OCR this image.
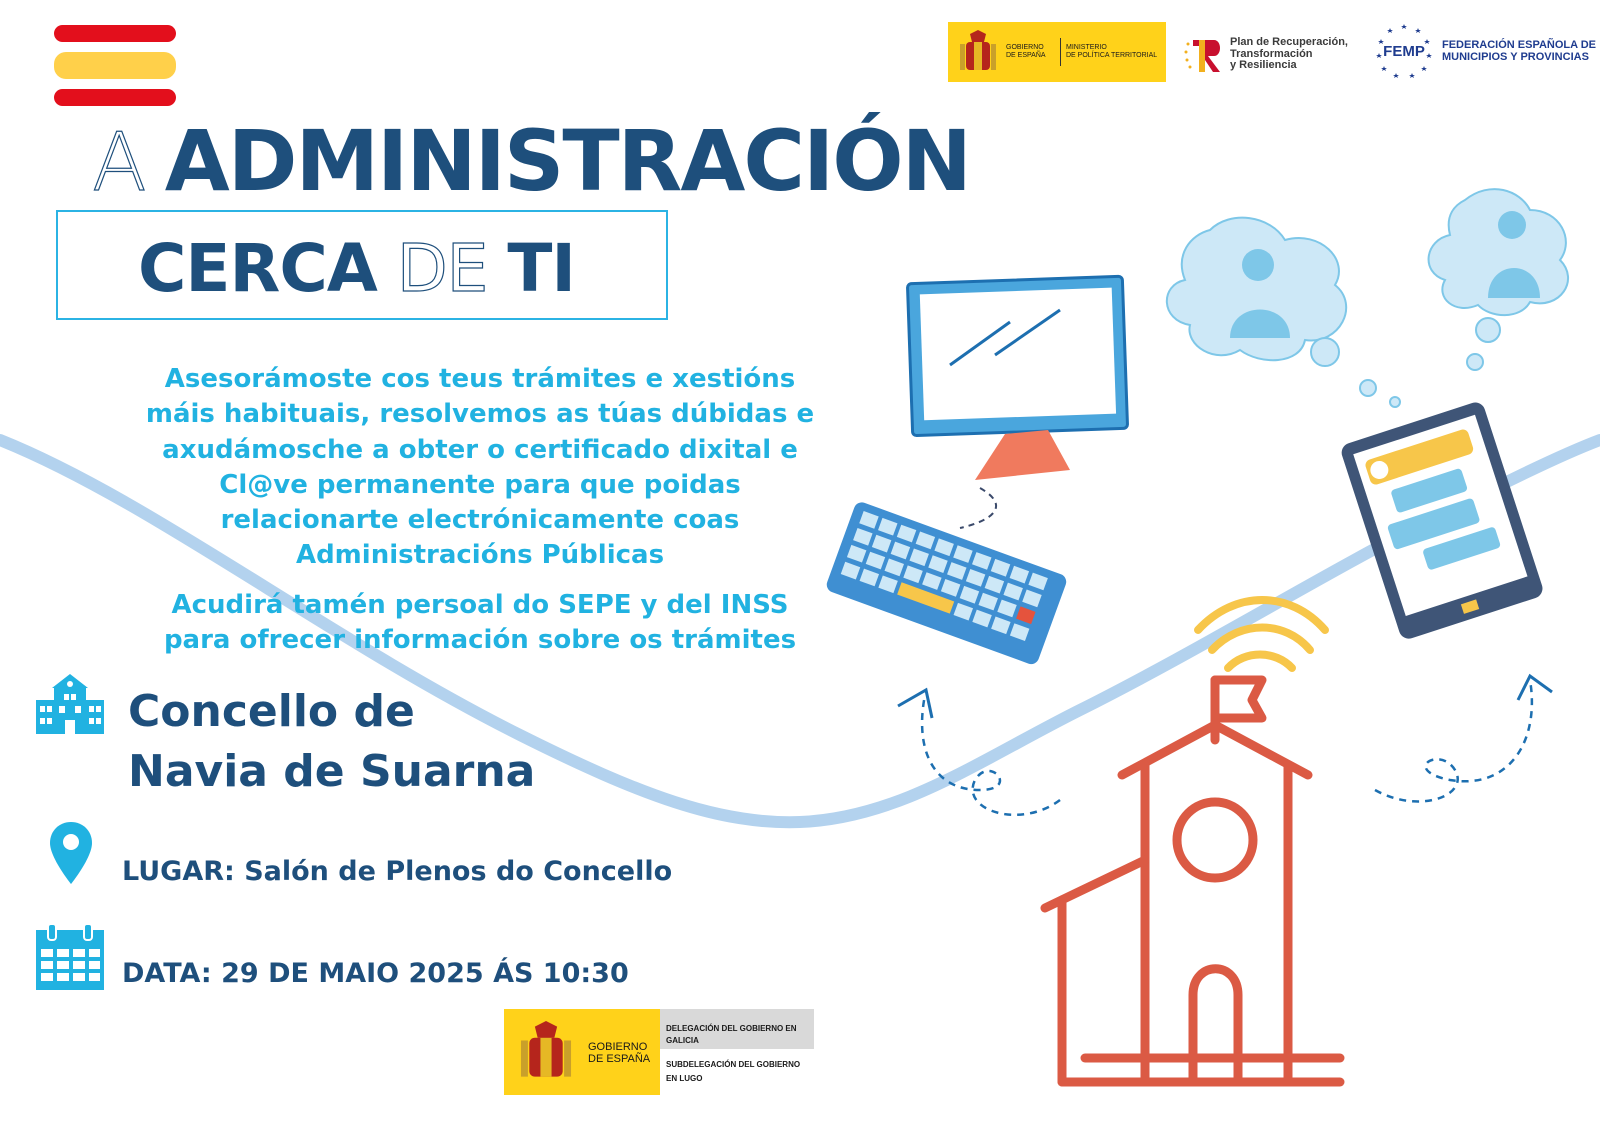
A ADMINISTRACIÓN
CERCA DE TI
Asesorámoste cos teus trámites e xestións
máis habituais, resolvemos as túas dúbidas e
axudámosche a obter o certificado dixital e
Cl@ve permanente para que poidas
relacionarte electrónicamente coas
Administracións Públicas
Acudirá tamén persoal do SEPE y del INSS
para ofrecer información sobre os trámites
Concello de
Navia de Suarna
LUGAR: Salón de Plenos do Concello
DATA: 29 DE MAIO 2025 ÁS 10:30
GOBIERNO
DE ESPAÑA
MINISTERIO
DE POLÍTICA TERRITORIAL
Plan de Recuperación,
Transformación
y Resiliencia
FEMP FEDERACIÓN ESPAÑOLA DE
MUNICIPIOS Y PROVINCIAS
GOBIERNO
DE ESPAÑA
DELEGACIÓN DEL GOBIERNO EN GALICIA
SUBDELEGACIÓN DEL GOBIERNO EN LUGO
